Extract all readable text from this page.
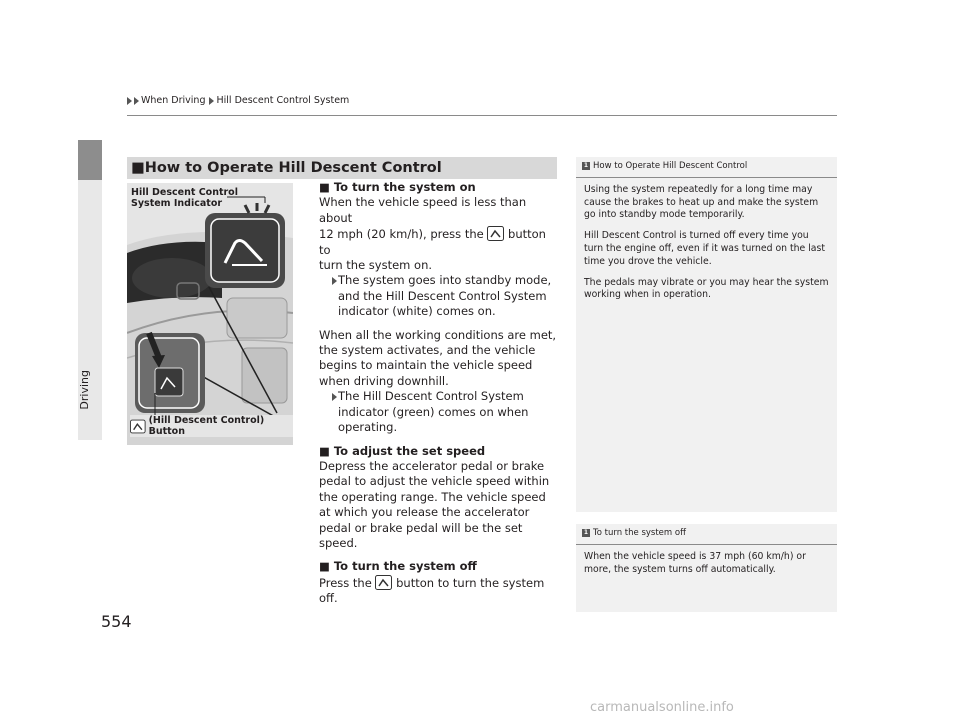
When Driving Hill Descent Control System
Driving
■How to Operate Hill Descent Control
Hill Descent Control
System Indicator
(Hill Descent Control) Button

■ To turn the system on

When the vehicle speed is less than about

12 mph (20 km/h), press the  button to

turn the system on.

The system goes into standby mode, and the Hill Descent Control System indicator (white) comes on.

When all the working conditions are met, the system activates, and the vehicle begins to maintain the vehicle speed when driving downhill.

The Hill Descent Control System indicator (green) comes on when operating.

■ To adjust the set speed

Depress the accelerator pedal or brake pedal to adjust the vehicle speed within the operating range. The vehicle speed at which you release the accelerator pedal or brake pedal will be the set speed.

■ To turn the system off

Press the  button to turn the system off.

1 How to Operate Hill Descent Control

Using the system repeatedly for a long time may cause the brakes to heat up and make the system go into standby mode temporarily.

Hill Descent Control is turned off every time you turn the engine off, even if it was turned on the last time you drove the vehicle.

The pedals may vibrate or you may hear the system working when in operation.

1 To turn the system off

When the vehicle speed is 37 mph (60 km/h) or more, the system turns off automatically.

554
carmanualsonline.info
